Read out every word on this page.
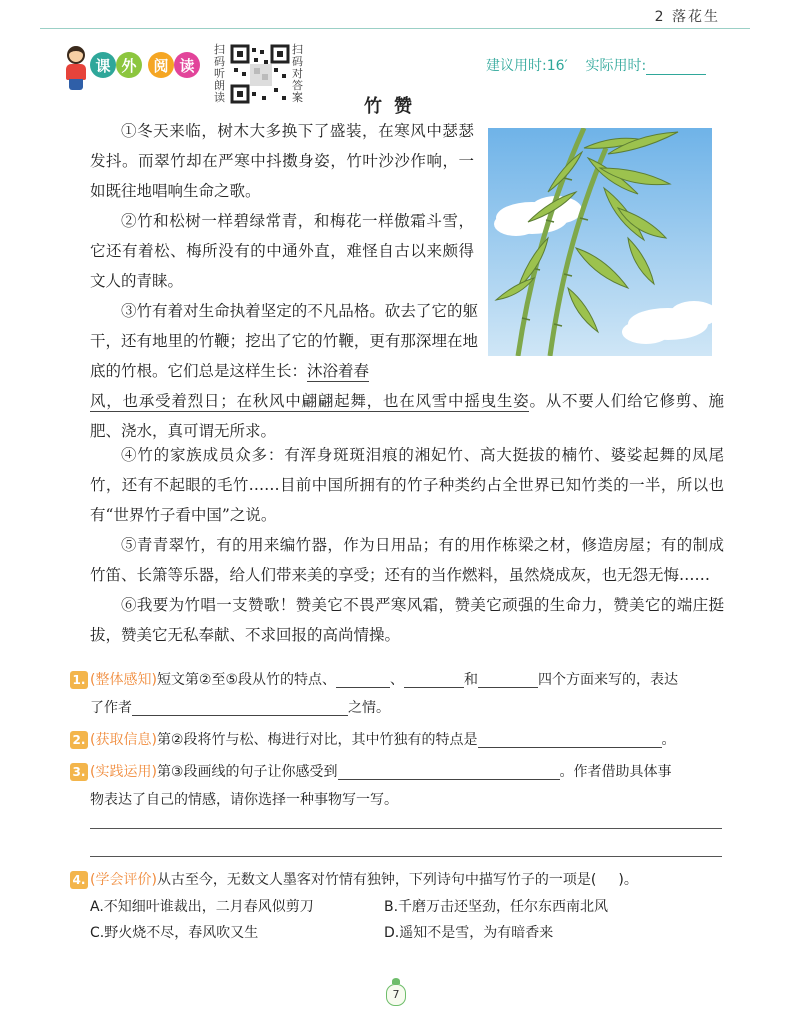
2 落花生
课 外	阅 读
扫码听朗读
扫码对答案
建议用时:16′ 实际用时:
竹赞
①冬天来临，树木大多换下了盛装，在寒风中瑟瑟发抖。而翠竹却在严寒中抖擞身姿，竹叶沙沙作响，一如既往地唱响生命之歌。
②竹和松树一样碧绿常青，和梅花一样傲霜斗雪，它还有着松、梅所没有的中通外直，难怪自古以来颇得文人的青睐。
③竹有着对生命执着坚定的不凡品格。砍去了它的躯干，还有地里的竹鞭；挖出了它的竹鞭，更有那深埋在地底的竹根。它们总是这样生长：沐浴着春
风，也承受着烈日；在秋风中翩翩起舞，也在风雪中摇曳生姿。从不要人们给它修剪、施肥、浇水，真可谓无所求。
④竹的家族成员众多：有浑身斑斑泪痕的湘妃竹、高大挺拔的楠竹、婆娑起舞的凤尾竹，还有不起眼的毛竹……目前中国所拥有的竹子种类约占全世界已知竹类的一半，所以也有“世界竹子看中国”之说。
⑤青青翠竹，有的用来编竹器，作为日用品；有的用作栋梁之材，修造房屋；有的制成竹笛、长箫等乐器，给人们带来美的享受；还有的当作燃料，虽然烧成灰，也无怨无悔……
⑥我要为竹唱一支赞歌！赞美它不畏严寒风霜，赞美它顽强的生命力，赞美它的端庄挺拔，赞美它无私奉献、不求回报的高尚情操。
1. (整体感知)短文第②至⑤段从竹的特点、	、	和	四个方面来写的，表达
了作者	之情。
2. (获取信息)第②段将竹与松、梅进行对比，其中竹独有的特点是	。
3. (实践运用)第③段画线的句子让你感受到	。作者借助具体事
物表达了自己的情感，请你选择一种事物写一写。
4. (学会评价)从古至今，无数文人墨客对竹情有独钟，下列诗句中描写竹子的一项是( )。
A.不知细叶谁裁出，二月春风似剪刀	B.千磨万击还坚劲，任尔东西南北风
C.野火烧不尽，春风吹又生	D.遥知不是雪，为有暗香来
7
